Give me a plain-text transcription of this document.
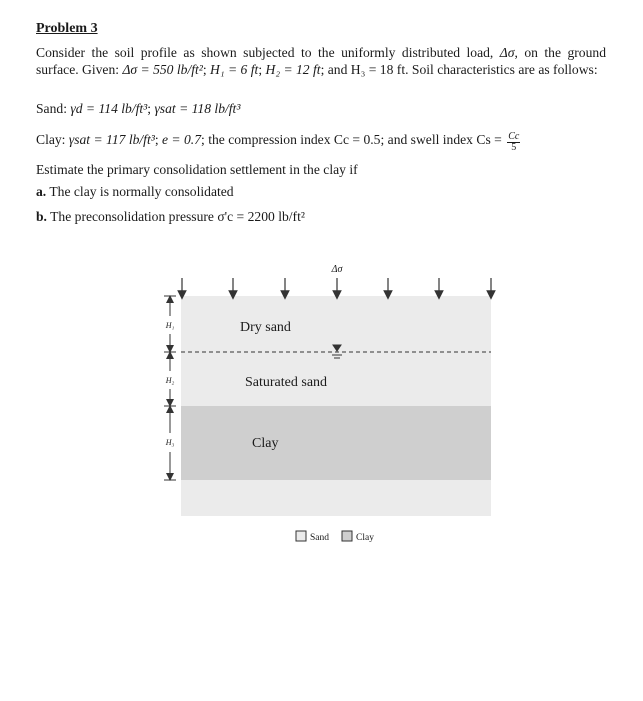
Problem 3
Consider the soil profile as shown subjected to the uniformly distributed load, Δσ, on the ground surface. Given: Δσ = 550 lb/ft²; H₁ = 6 ft; H₂ = 12 ft; and H₃ = 18 ft. Soil characteristics are as follows:
Sand: γd = 114 lb/ft³; γsat = 118 lb/ft³
Clay: γsat = 117 lb/ft³; e = 0.7; the compression index Cc = 0.5; and swell index $Cs = \frac{Cc}{5}$
Estimate the primary consolidation settlement in the clay if
a. The clay is normally consolidated
b. The preconsolidation pressure σ'c = 2200 lb/ft²
Δσ
Dry sand
Saturated sand
Clay
H₁
H₂
H₃
Sand	Clay
